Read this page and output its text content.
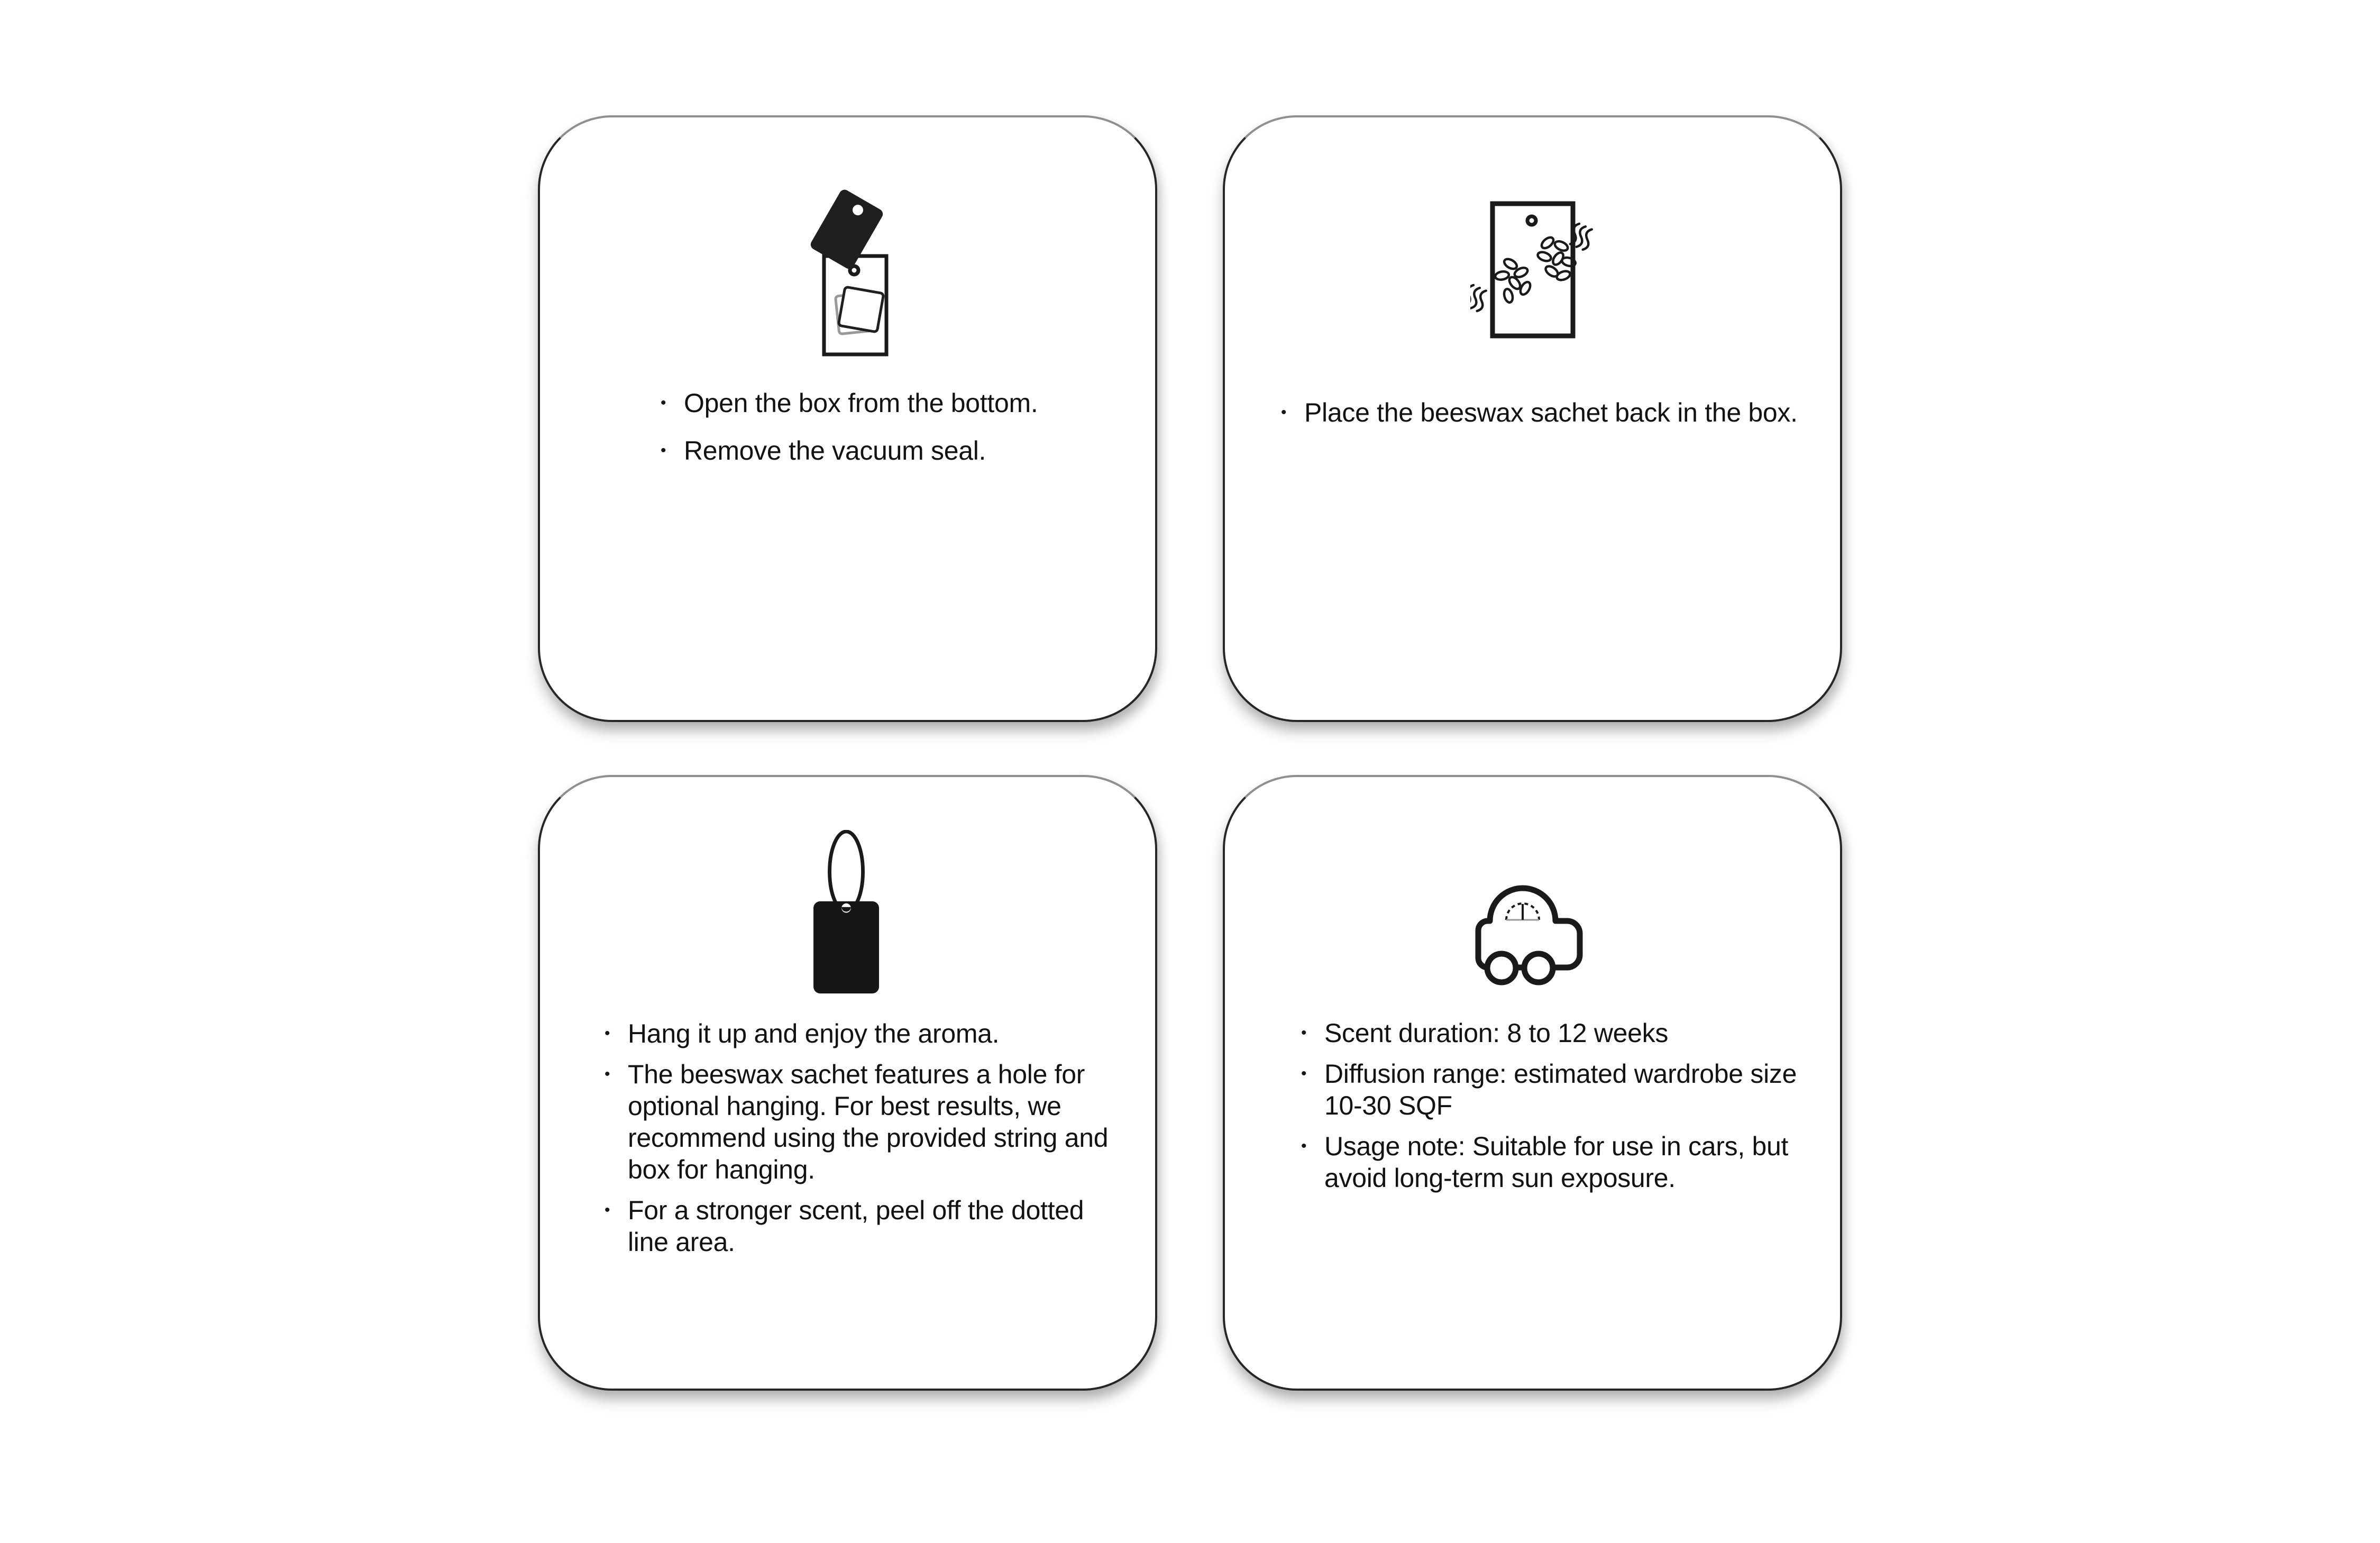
• Open the box from the bottom.
• Remove the vacuum seal.
• Place the beeswax sachet back in the box.
• Hang it up and enjoy the aroma.
• The beeswax sachet features a hole for optional hanging. For best results, we recommend using the provided string and box for hanging.
• For a stronger scent, peel off the dotted line area.
• Scent duration: 8 to 12 weeks
• Diffusion range: estimated wardrobe size 10-30 SQF
• Usage note: Suitable for use in cars, but avoid long-term sun exposure.
